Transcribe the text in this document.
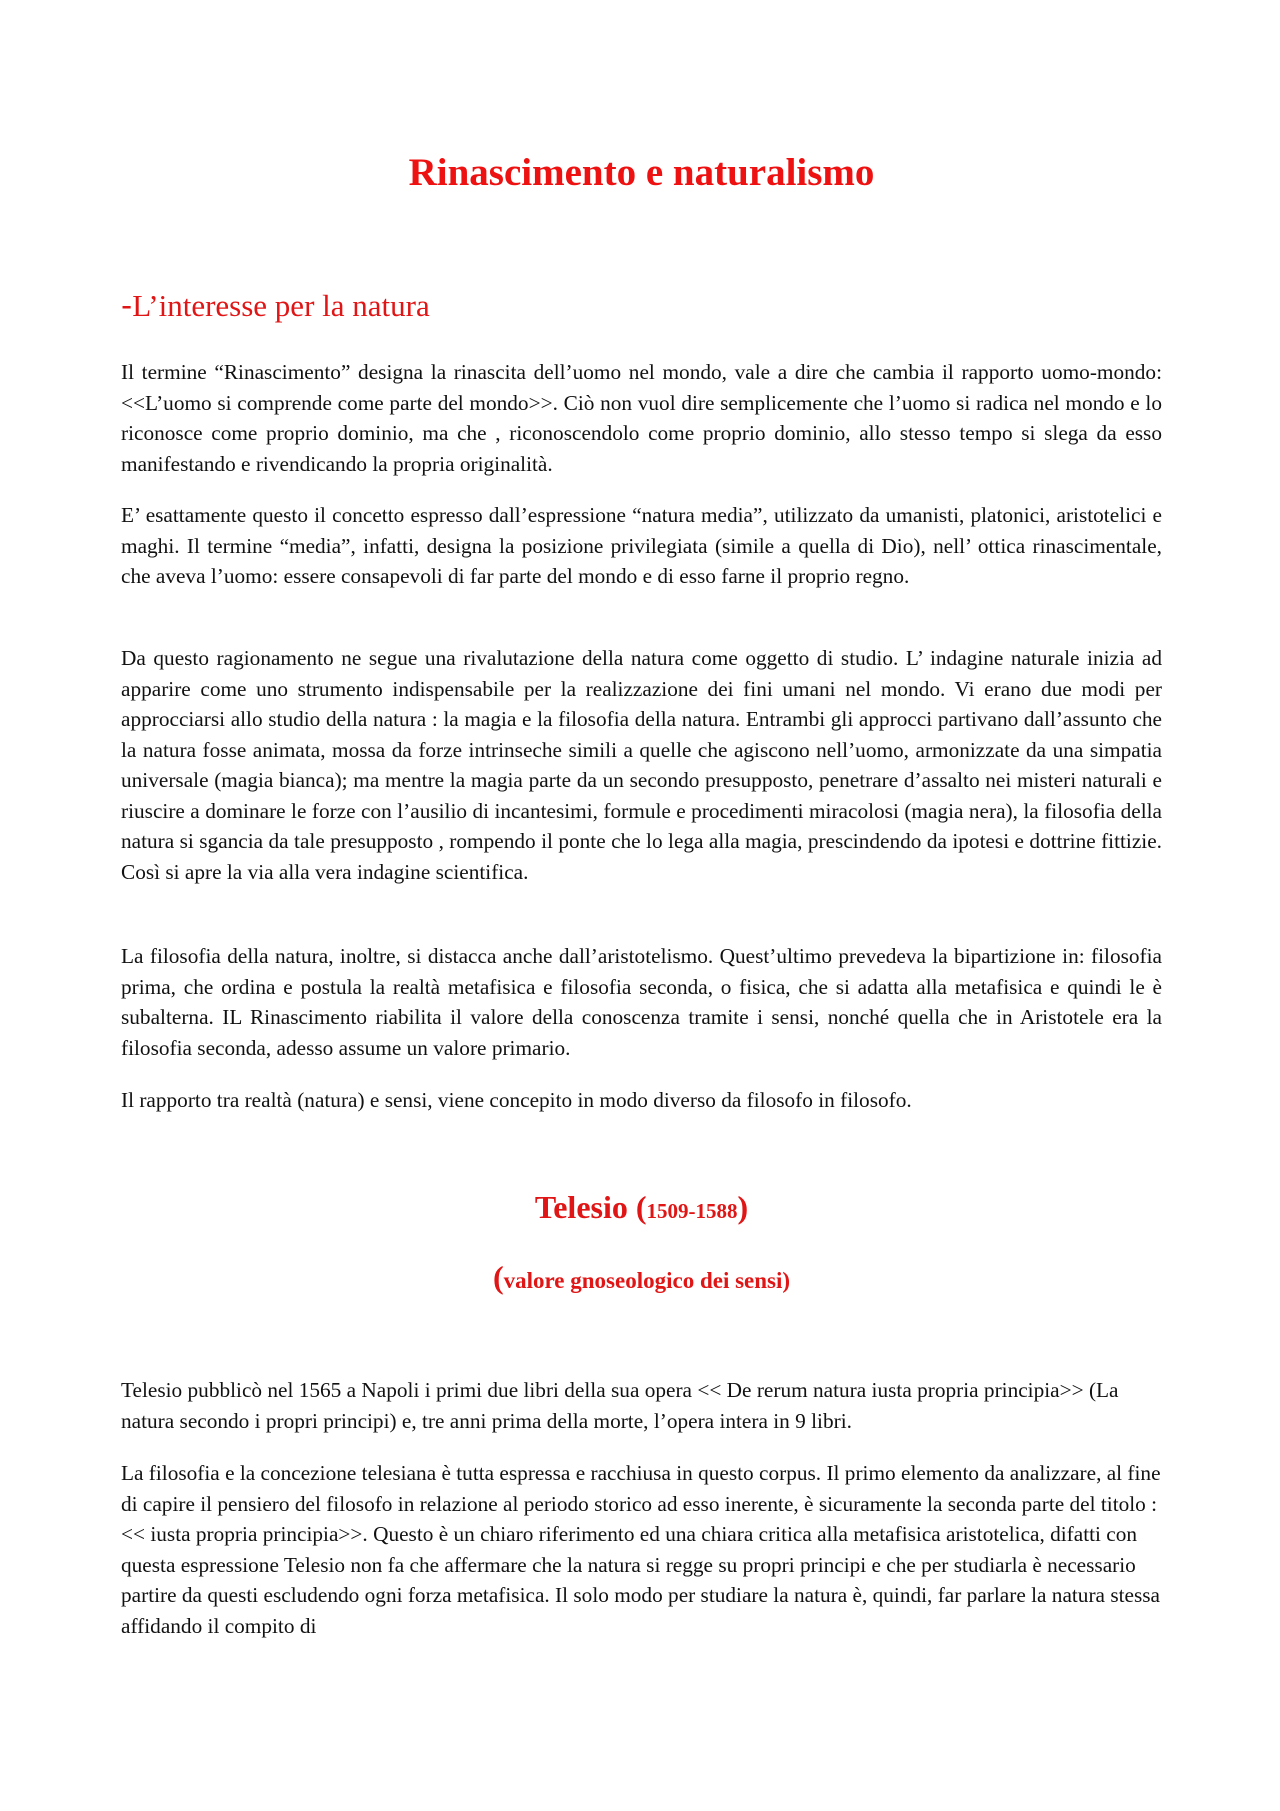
Rinascimento e naturalismo
-L’interesse per la natura

Il termine “Rinascimento” designa la rinascita dell’uomo nel mondo, vale a dire che cambia il rapporto uomo-mondo: <<L’uomo si comprende come parte del mondo>>. Ciò non vuol dire semplicemente che l’uomo si radica nel mondo e lo riconosce come proprio dominio, ma che , riconoscendolo come proprio dominio, allo stesso tempo si slega da esso manifestando e rivendicando la propria originalità.

E’ esattamente questo il concetto espresso dall’espressione “natura media”, utilizzato da umanisti, platonici, aristotelici e maghi. Il termine “media”, infatti, designa la posizione privilegiata (simile a quella di Dio), nell’ ottica rinascimentale, che aveva l’uomo: essere consapevoli di far parte del mondo e di esso farne il proprio regno.

Da questo ragionamento ne segue una rivalutazione della natura come oggetto di studio. L’ indagine naturale inizia ad apparire come uno strumento indispensabile per la realizzazione dei fini umani nel mondo. Vi erano due modi per approcciarsi allo studio della natura : la magia e la filosofia della natura. Entrambi gli approcci partivano dall’assunto che la natura fosse animata, mossa da forze intrinseche simili a quelle che agiscono nell’uomo, armonizzate da una simpatia universale (magia bianca); ma mentre la magia parte da un secondo presupposto, penetrare d’assalto nei misteri naturali e riuscire a dominare le forze con l’ausilio di incantesimi, formule e procedimenti miracolosi (magia nera), la filosofia della natura si sgancia da tale presupposto , rompendo il ponte che lo lega alla magia, prescindendo da ipotesi e dottrine fittizie. Così si apre la via alla vera indagine scientifica.

La filosofia della natura, inoltre, si distacca anche dall’aristotelismo. Quest’ultimo prevedeva la bipartizione in: filosofia prima, che ordina e postula la realtà metafisica e filosofia seconda, o fisica, che si adatta alla metafisica e quindi le è subalterna. IL Rinascimento riabilita il valore della conoscenza tramite i sensi, nonché quella che in Aristotele era la filosofia seconda, adesso assume un valore primario.

Il rapporto tra realtà (natura) e sensi, viene concepito in modo diverso da filosofo in filosofo.

Telesio (1509-1588)
(valore gnoseologico dei sensi)

Telesio pubblicò nel 1565 a Napoli i primi due libri della sua opera << De rerum natura iusta propria principia>> (La natura secondo i propri principi) e, tre anni prima della morte, l’opera intera in 9 libri.

La filosofia e la concezione telesiana è tutta espressa e racchiusa in questo corpus. Il primo elemento da analizzare, al fine di capire il pensiero del filosofo in relazione al periodo storico ad esso inerente, è sicuramente la seconda parte del titolo : << iusta propria principia>>. Questo è un chiaro riferimento ed una chiara critica alla metafisica aristotelica, difatti con questa espressione Telesio non fa che affermare che la natura si regge su propri principi e che per studiarla è necessario partire da questi escludendo ogni forza metafisica. Il solo modo per studiare la natura è, quindi, far parlare la natura stessa affidando il compito di
